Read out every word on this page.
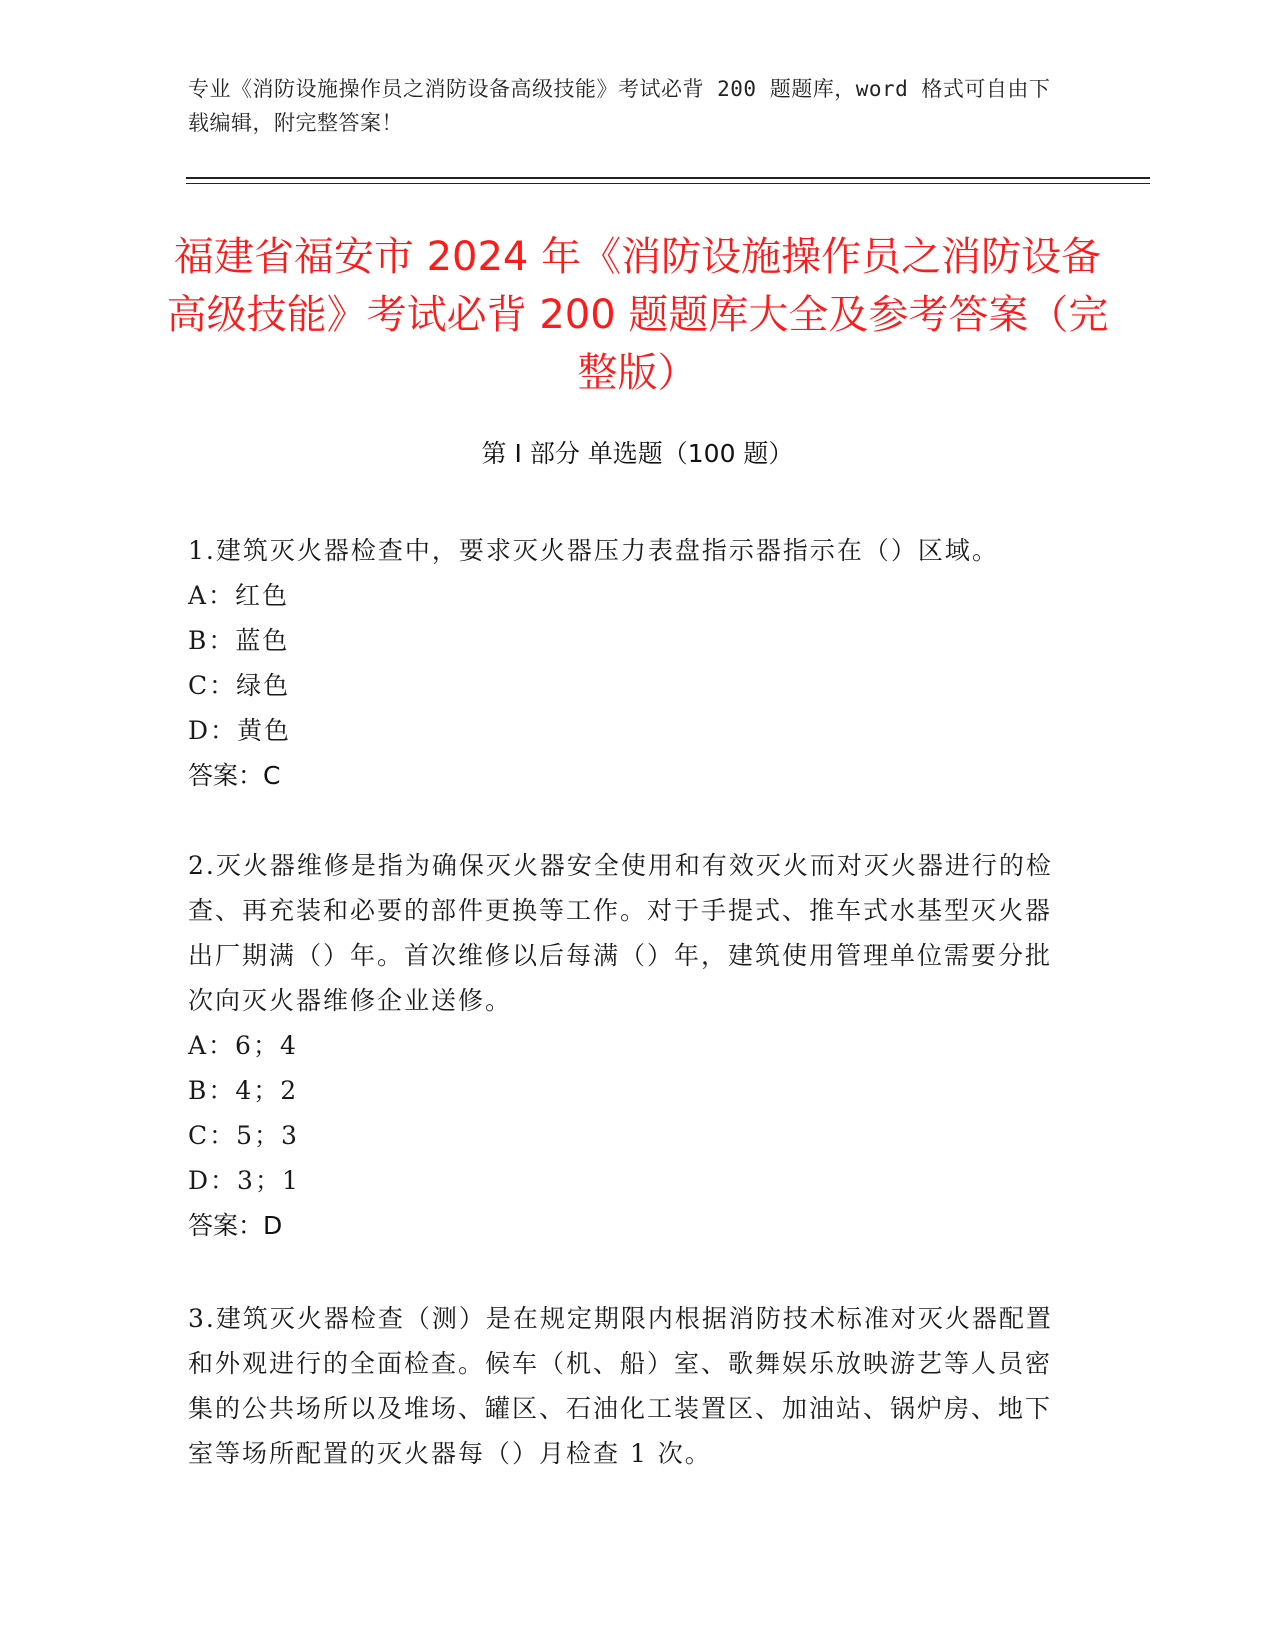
专业《消防设施操作员之消防设备高级技能》考试必背 200 题题库，word 格式可自由下载编辑，附完整答案！
福建省福安市 2024 年《消防设施操作员之消防设备高级技能》考试必背 200 题题库大全及参考答案（完整版）
第 I 部分 单选题（100 题）

1.建筑灭火器检查中，要求灭火器压力表盘指示器指示在（）区域。

A：红色

B：蓝色

C：绿色

D：黄色

答案：C

2.灭火器维修是指为确保灭火器安全使用和有效灭火而对灭火器进行的检查、再充装和必要的部件更换等工作。对于手提式、推车式水基型灭火器出厂期满（）年。首次维修以后每满（）年，建筑使用管理单位需要分批次向灭火器维修企业送修。

A：6；4

B：4；2

C：5；3

D：3；1

答案：D

3.建筑灭火器检查（测）是在规定期限内根据消防技术标准对灭火器配置和外观进行的全面检查。候车（机、船）室、歌舞娱乐放映游艺等人员密集的公共场所以及堆场、罐区、石油化工装置区、加油站、锅炉房、地下室等场所配置的灭火器每（）月检查 1 次。
